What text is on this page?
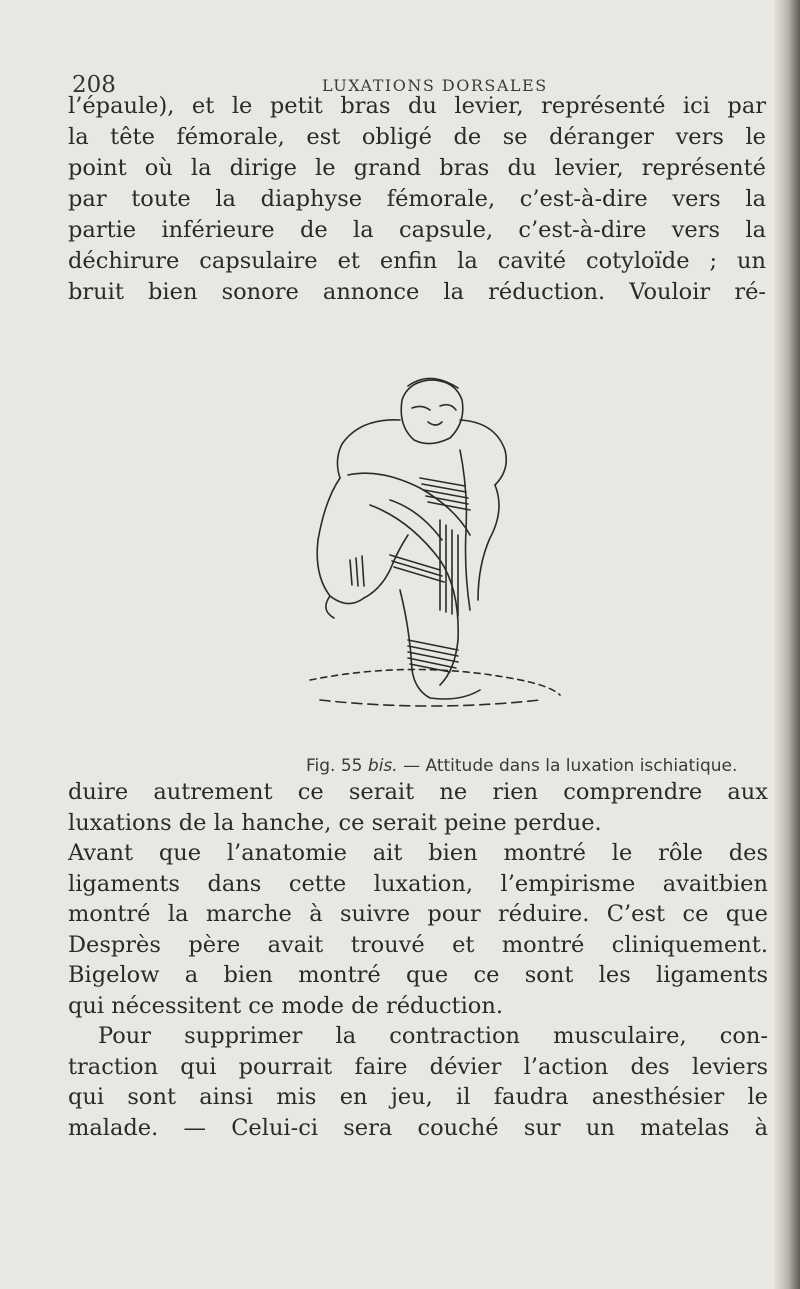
208	LUXATIONS DORSALES
l’épaule), et le petit bras du levier, représenté ici par
la tête fémorale, est obligé de se déranger vers le
point où la dirige le grand bras du levier, représenté
par toute la diaphyse fémorale, c’est-à-dire vers la
partie inférieure de la capsule, c’est-à-dire vers la
déchirure capsulaire et enfin la cavité cotyloïde ; un
bruit bien sonore annonce la réduction. Vouloir ré-
Fig. 55 bis. — Attitude dans la luxation ischiatique.
duire autrement ce serait ne rien comprendre aux
luxations de la hanche, ce serait peine perdue.
Avant que l’anatomie ait bien montré le rôle des
ligaments dans cette luxation, l’empirisme avaitbien
montré la marche à suivre pour réduire. C’est ce que
Desprès père avait trouvé et montré cliniquement.
Bigelow a bien montré que ce sont les ligaments
qui nécessitent ce mode de réduction.
Pour supprimer la contraction musculaire, con-
traction qui pourrait faire dévier l’action des leviers
qui sont ainsi mis en jeu, il faudra anesthésier le
malade. — Celui-ci sera couché sur un matelas à
